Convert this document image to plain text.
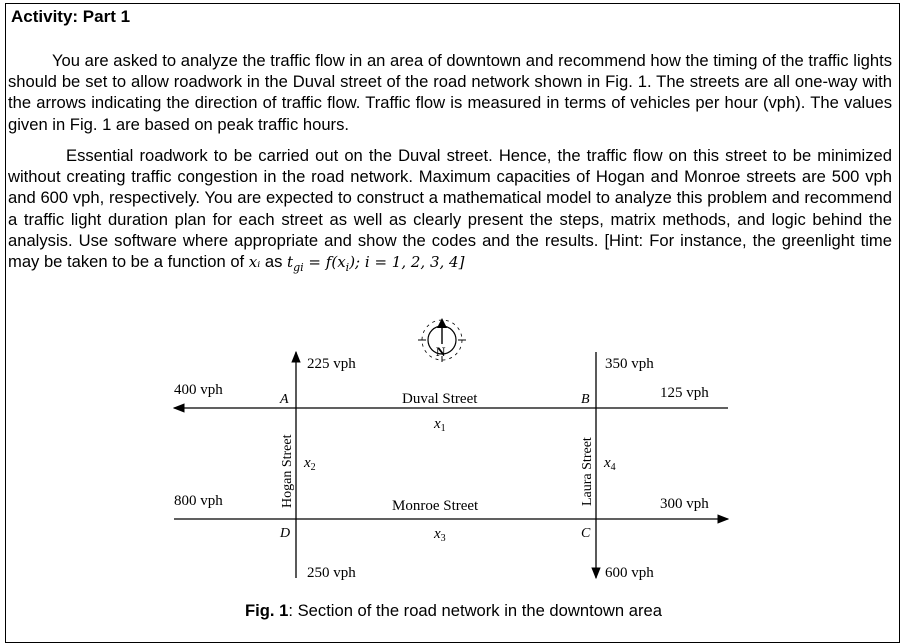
Activity: Part 1

You are asked to analyze the traffic flow in an area of downtown and recommend how the timing of the traffic lights should be set to allow roadwork in the Duval street of the road network shown in Fig. 1. The streets are all one-way with the arrows indicating the direction of traffic flow. Traffic flow is measured in terms of vehicles per hour (vph). The values given in Fig. 1 are based on peak traffic hours.

Essential roadwork to be carried out on the Duval street. Hence, the traffic flow on this street to be minimized without creating traffic congestion in the road network. Maximum capacities of Hogan and Monroe streets are 500 vph and 600 vph, respectively. You are expected to construct a mathematical model to analyze this problem and recommend a traffic light duration plan for each street as well as clearly present the steps, matrix methods, and logic behind the analysis. Use software where appropriate and show the codes and the results. [Hint: For instance, the greenlight time may be taken to be a function of xᵢ as $t_{gi} = f(x_i)$; i = 1, 2, 3, 4]

N
A	B
C
D
Duval Street
Monroe Street
Hogan Street	Laura Street
$x_1$
$x_2$
$x_3$
$x_4$
225 vph	350 vph
400 vph	125 vph
800 vph	300 vph
250 vph	600 vph
Fig. 1: Section of the road network in the downtown area
